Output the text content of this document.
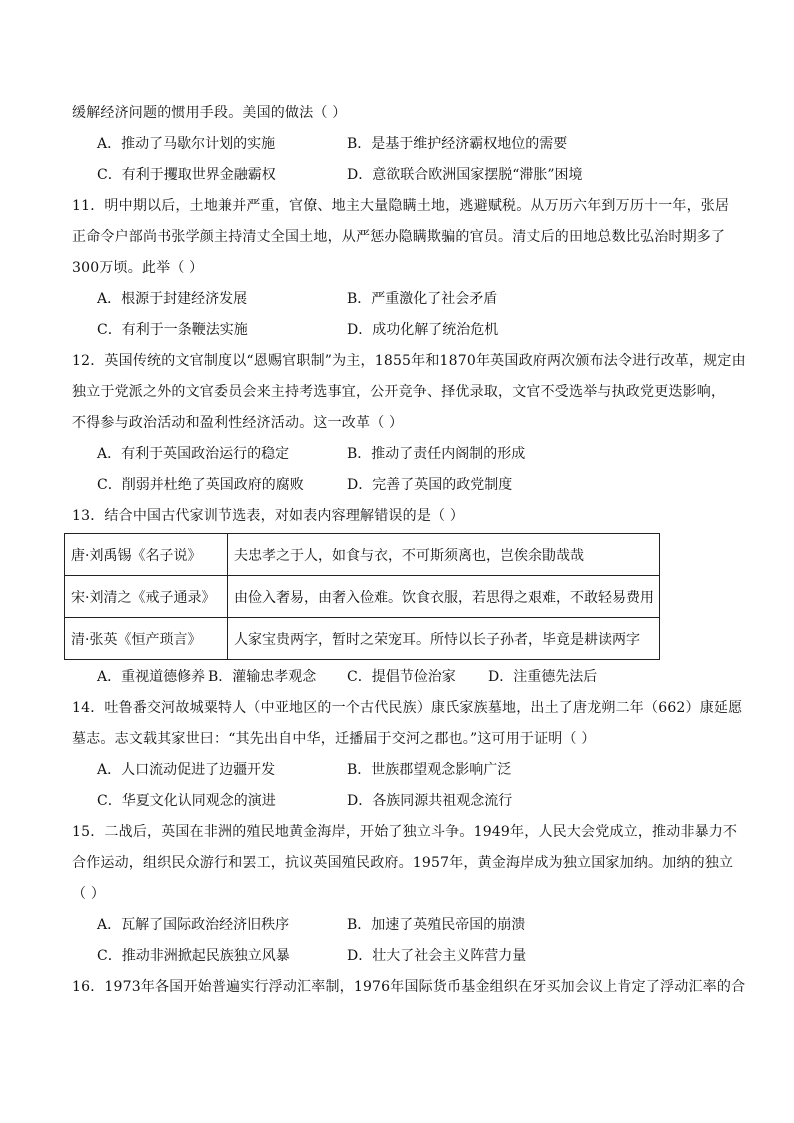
缓解经济问题的惯用手段。美国的做法（ ）
A．推动了马歇尔计划的实施	B．是基于维护经济霸权地位的需要
C．有利于攫取世界金融霸权	D．意欲联合欧洲国家摆脱“滞胀”困境
11．明中期以后，土地兼并严重，官僚、地主大量隐瞒土地，逃避赋税。从万历六年到万历十一年，张居
正命令户部尚书张学颜主持清丈全国土地，从严惩办隐瞒欺骗的官员。清丈后的田地总数比弘治时期多了
300万顷。此举（ ）
A．根源于封建经济发展	B．严重激化了社会矛盾
C．有利于一条鞭法实施	D．成功化解了统治危机
12．英国传统的文官制度以“恩赐官职制”为主，1855年和1870年英国政府两次颁布法令进行改革，规定由
独立于党派之外的文官委员会来主持考选事宜，公开竞争、择优录取，文官不受选举与执政党更迭影响，
不得参与政治活动和盈利性经济活动。这一改革（ ）
A．有利于英国政治运行的稳定	B．推动了责任内阁制的形成
C．削弱并杜绝了英国政府的腐败	D．完善了英国的政党制度
13．结合中国古代家训节选表，对如表内容理解错误的是（ ）
唐·刘禹锡《名子说》	夫忠孝之于人，如食与衣，不可斯须离也，岂俟余勖哉哉
宋·刘清之《戒子通录》	由俭入奢易，由奢入俭难。饮食衣服，若思得之艰难，不敢轻易费用
清·张英《恒产琐言》	人家宝贵两字，暂时之荣宠耳。所恃以长子孙者，毕竟是耕读两字
A．重视道德修养 B．灌输忠孝观念 C．提倡节俭治家 D．注重德先法后
14．吐鲁番交河故城粟特人（中亚地区的一个古代民族）康氏家族墓地，出土了唐龙朔二年（662）康延愿
墓志。志文载其家世曰：“其先出自中华，迁播届于交河之郡也。”这可用于证明（ ）
A．人口流动促进了边疆开发	B．世族郡望观念影响广泛
C．华夏文化认同观念的演进	D．各族同源共祖观念流行
15．二战后，英国在非洲的殖民地黄金海岸，开始了独立斗争。1949年，人民大会党成立，推动非暴力不
合作运动，组织民众游行和罢工，抗议英国殖民政府。1957年，黄金海岸成为独立国家加纳。加纳的独立
（ ）
A．瓦解了国际政治经济旧秩序	B．加速了英殖民帝国的崩溃
C．推动非洲掀起民族独立风暴	D．壮大了社会主义阵营力量
16．1973年各国开始普遍实行浮动汇率制，1976年国际货币基金组织在牙买加会议上肯定了浮动汇率的合
